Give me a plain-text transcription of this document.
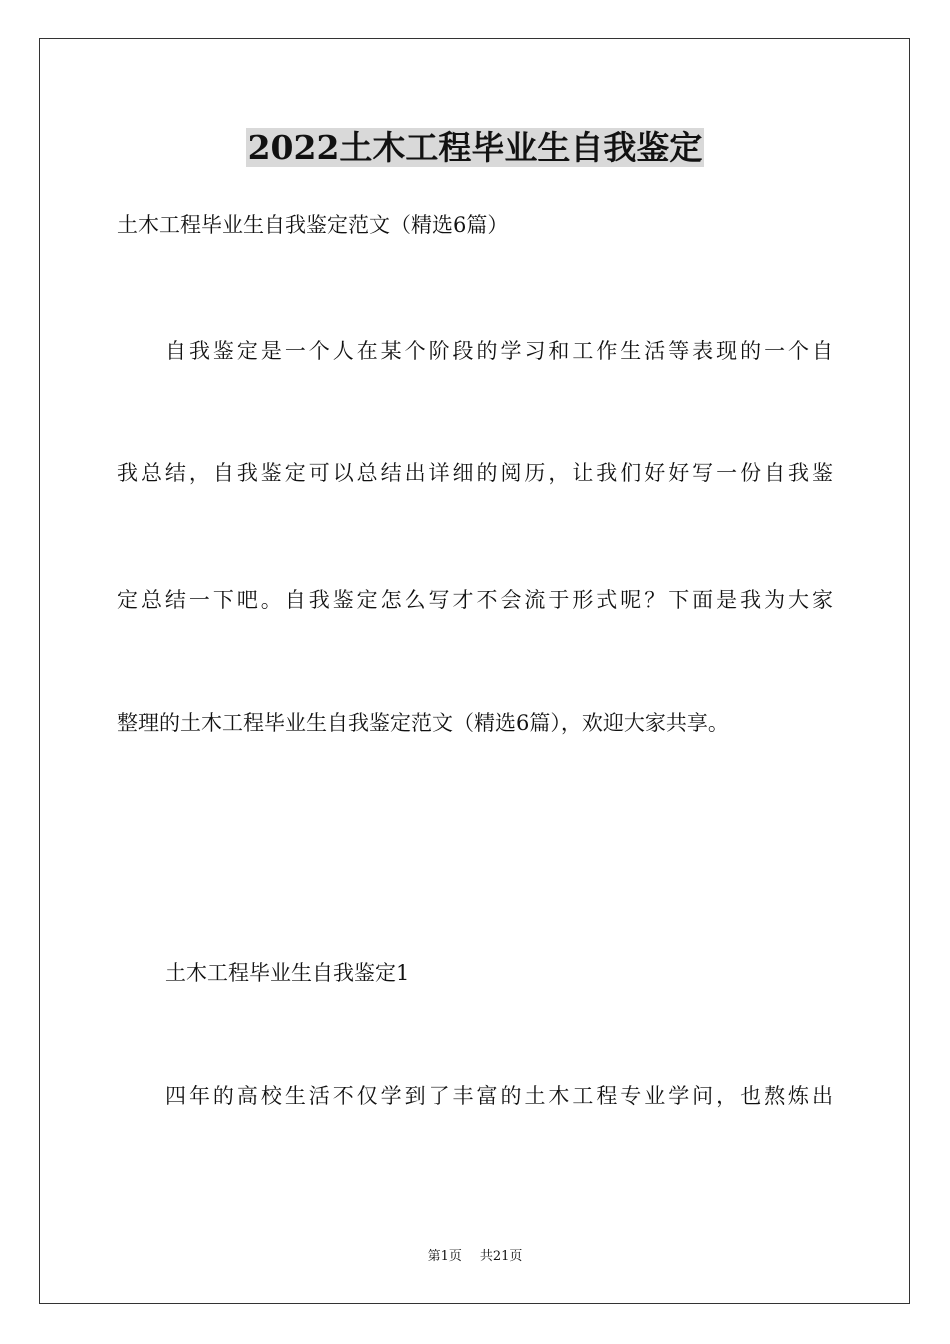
2022土木工程毕业生自我鉴定
土木工程毕业生自我鉴定范文（精选6篇）
自我鉴定是一个人在某个阶段的学习和工作生活等表现的一个自
我总结，自我鉴定可以总结出详细的阅历，让我们好好写一份自我鉴
定总结一下吧。自我鉴定怎么写才不会流于形式呢？下面是我为大家
整理的土木工程毕业生自我鉴定范文（精选6篇），欢迎大家共享。
土木工程毕业生自我鉴定1
四年的高校生活不仅学到了丰富的土木工程专业学问，也熬炼出
第1页 共21页
